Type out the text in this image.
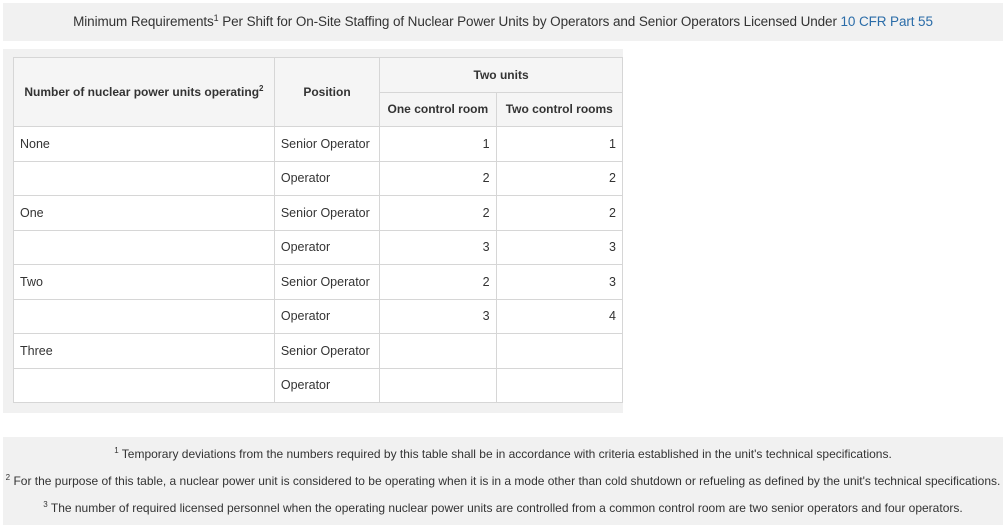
Minimum Requirements$^1$ Per Shift for On-Site Staffing of Nuclear Power Units by Operators and Senior Operators Licensed Under 10 CFR Part 55
Number of nuclear power units operating$^2$	Position	Two units	
		One control room	Two control rooms
None	Senior Operator	1	1
	Operator	2	2
One	Senior Operator	2	2
	Operator	3	3
Two	Senior Operator	2	3
	Operator	3	4
Three	Senior Operator		
	Operator		
$^1$ Temporary deviations from the numbers required by this table shall be in accordance with criteria established in the unit's technical specifications.
$^2$ For the purpose of this table, a nuclear power unit is considered to be operating when it is in a mode other than cold shutdown or refueling as defined by the unit's technical specifications.
$^3$ The number of required licensed personnel when the operating nuclear power units are controlled from a common control room are two senior operators and four operators.
